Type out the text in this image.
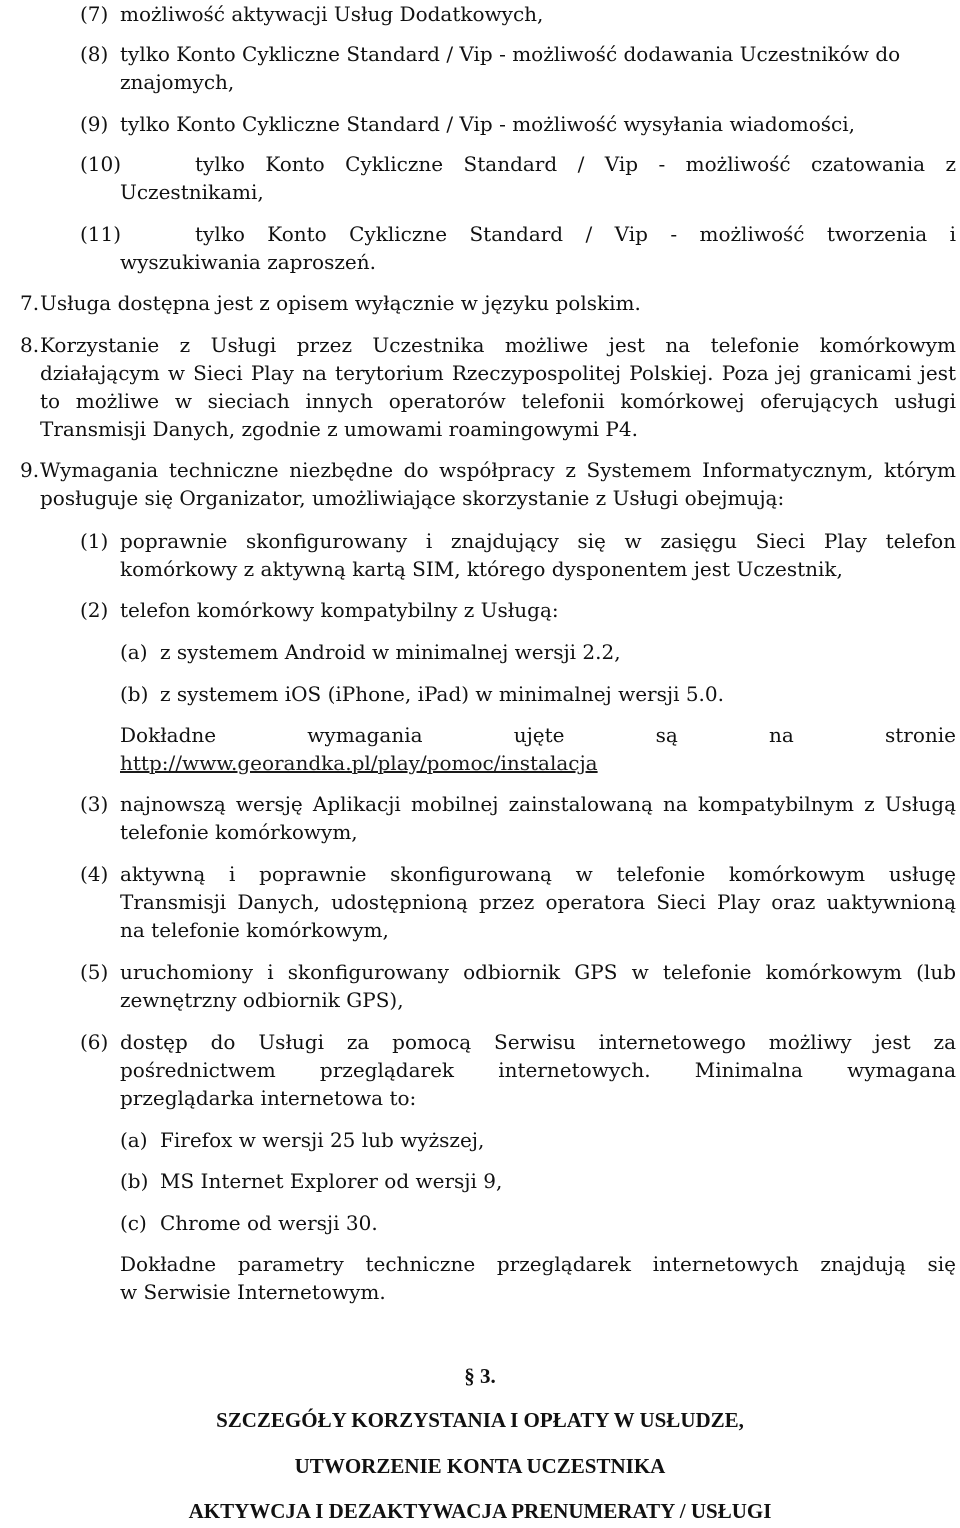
(7) możliwość aktywacji Usług Dodatkowych,
(8) tylko Konto Cykliczne Standard / Vip - możliwość dodawania Uczestników do
znajomych,
(9) tylko Konto Cykliczne Standard / Vip - możliwość wysyłania wiadomości,
(10)	tylko Konto Cykliczne Standard / Vip - możliwość czatowania z
Uczestnikami,
(11)	tylko Konto Cykliczne Standard / Vip - możliwość tworzenia i
wyszukiwania zaproszeń.
7. Usługa dostępna jest z opisem wyłącznie w języku polskim.
8. Korzystanie z Usługi przez Uczestnika możliwe jest na telefonie komórkowym
działającym w Sieci Play na terytorium Rzeczypospolitej Polskiej. Poza jej granicami jest
to możliwe w sieciach innych operatorów telefonii komórkowej oferujących usługi
Transmisji Danych, zgodnie z umowami roamingowymi P4.
9. Wymagania techniczne niezbędne do współpracy z Systemem Informatycznym, którym
posługuje się Organizator, umożliwiające skorzystanie z Usługi obejmują:
(1) poprawnie skonfigurowany i znajdujący się w zasięgu Sieci Play telefon
komórkowy z aktywną kartą SIM, którego dysponentem jest Uczestnik,
(2) telefon komórkowy kompatybilny z Usługą:
(a) z systemem Android w minimalnej wersji 2.2,
(b) z systemem iOS (iPhone, iPad) w minimalnej wersji 5.0.
Dokładne wymagania ujęte są na stronie
http://www.georandka.pl/play/pomoc/instalacja
(3) najnowszą wersję Aplikacji mobilnej zainstalowaną na kompatybilnym z Usługą
telefonie komórkowym,
(4) aktywną i poprawnie skonfigurowaną w telefonie komórkowym usługę
Transmisji Danych, udostępnioną przez operatora Sieci Play oraz uaktywnioną
na telefonie komórkowym,
(5) uruchomiony i skonfigurowany odbiornik GPS w telefonie komórkowym (lub
zewnętrzny odbiornik GPS),
(6) dostęp do Usługi za pomocą Serwisu internetowego możliwy jest za
pośrednictwem przeglądarek internetowych. Minimalna wymagana
przeglądarka internetowa to:
(a) Firefox w wersji 25 lub wyższej,
(b) MS Internet Explorer od wersji 9,
(c) Chrome od wersji 30.
Dokładne parametry techniczne przeglądarek internetowych znajdują się
w Serwisie Internetowym.
§ 3.
SZCZEGÓŁY KORZYSTANIA I OPŁATY W USŁUDZE,
UTWORZENIE KONTA UCZESTNIKA
AKTYWCJA I DEZAKTYWACJA PRENUMERATY / USŁUGI
